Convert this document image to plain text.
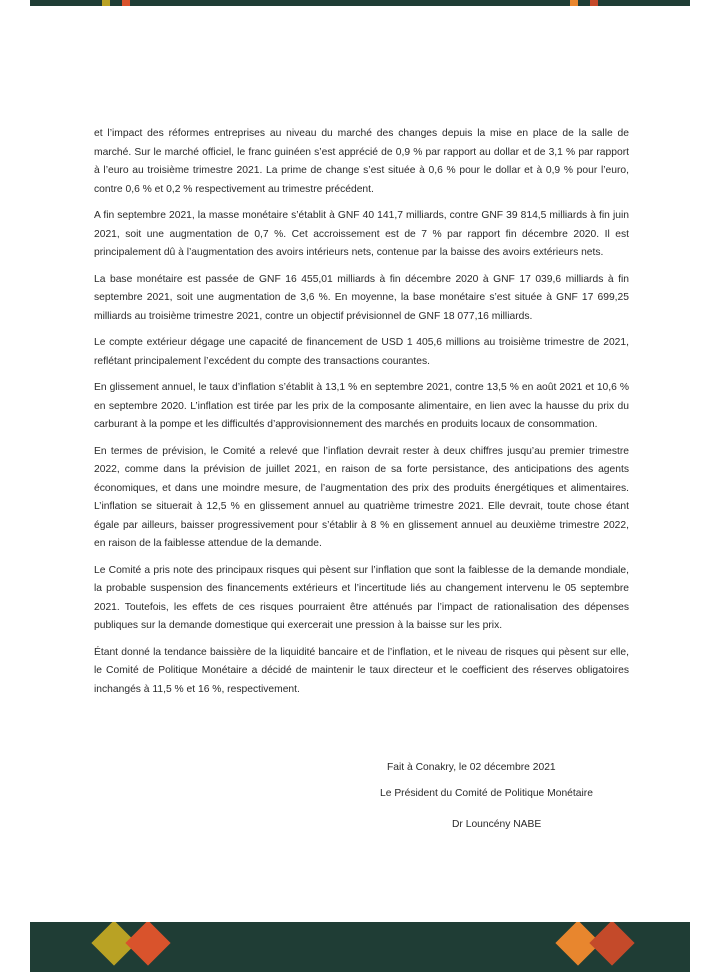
et l’impact des réformes entreprises au niveau du marché des changes depuis la mise en place de la salle de marché. Sur le marché officiel, le franc guinéen s’est apprécié de 0,9 % par rapport au dollar et de 3,1 % par rapport à l’euro au troisième trimestre 2021. La prime de change s’est située à 0,6 % pour le dollar et à 0,9 % pour l’euro, contre 0,6 % et 0,2 % respectivement au trimestre précédent.

A fin septembre 2021, la masse monétaire s’établit à GNF 40 141,7 milliards, contre GNF 39 814,5 milliards à fin juin 2021, soit une augmentation de 0,7 %. Cet accroissement est de 7 % par rapport fin décembre 2020. Il est principalement dû à l’augmentation des avoirs intérieurs nets, contenue par la baisse des avoirs extérieurs nets.

La base monétaire est passée de GNF 16 455,01 milliards à fin décembre 2020 à GNF 17 039,6 milliards à fin septembre 2021, soit une augmentation de 3,6 %. En moyenne, la base monétaire s’est située à GNF 17 699,25 milliards au troisième trimestre 2021, contre un objectif prévisionnel de GNF 18 077,16 milliards.

Le compte extérieur dégage une capacité de financement de USD 1 405,6 millions au troisième trimestre de 2021, reflétant principalement l’excédent du compte des transactions courantes.

En glissement annuel, le taux d’inflation s’établit à 13,1 % en septembre 2021, contre 13,5 % en août 2021 et 10,6 % en septembre 2020. L’inflation est tirée par les prix de la composante alimentaire, en lien avec la hausse du prix du carburant à la pompe et les difficultés d’approvisionnement des marchés en produits locaux de consommation.

En termes de prévision, le Comité a relevé que l’inflation devrait rester à deux chiffres jusqu’au premier trimestre 2022, comme dans la prévision de juillet 2021, en raison de sa forte persistance, des anticipations des agents économiques, et dans une moindre mesure, de l’augmentation des prix des produits énergétiques et alimentaires. L’inflation se situerait à 12,5 % en glissement annuel au quatrième trimestre 2021. Elle devrait, toute chose étant égale par ailleurs, baisser progressivement pour s’établir à 8 % en glissement annuel au deuxième trimestre 2022, en raison de la faiblesse attendue de la demande.

Le Comité a pris note des principaux risques qui pèsent sur l’inflation que sont la faiblesse de la demande mondiale, la probable suspension des financements extérieurs et l’incertitude liés au changement intervenu le 05 septembre 2021. Toutefois, les effets de ces risques pourraient être atténués par l’impact de rationalisation des dépenses publiques sur la demande domestique qui exercerait une pression à la baisse sur les prix.

Étant donné la tendance baissière de la liquidité bancaire et de l’inflation, et le niveau de risques qui pèsent sur elle, le Comité de Politique Monétaire a décidé de maintenir le taux directeur et le coefficient des réserves obligatoires inchangés à 11,5 % et 16 %, respectivement.

Fait à Conakry, le 02 décembre 2021
Le Président du Comité de Politique Monétaire
Dr Louncény NABE
